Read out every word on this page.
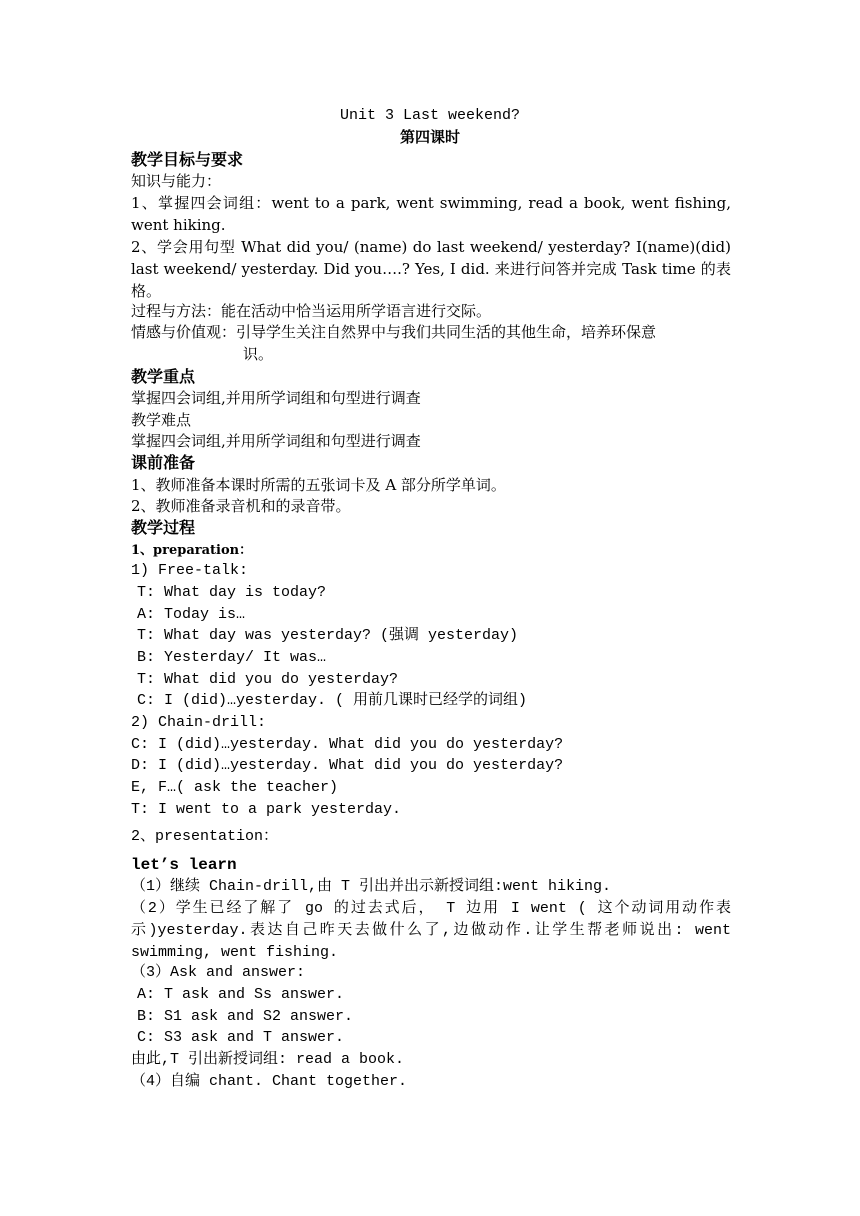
Unit 3 Last weekend?
第四课时
教学目标与要求
知识与能力：
1、掌握四会词组：went to a park, went swimming, read a book, went fishing, went hiking.
2、学会用句型 What did you/ (name) do last weekend/ yesterday? I(name)(did) last weekend/ yesterday. Did you….? Yes, I did. 来进行问答并完成 Task time 的表格。
过程与方法：能在活动中恰当运用所学语言进行交际。
情感与价值观：引导学生关注自然界中与我们共同生活的其他生命，培养环保意
识。
教学重点
掌握四会词组,并用所学词组和句型进行调查
教学难点
掌握四会词组,并用所学词组和句型进行调查
课前准备
1、教师准备本课时所需的五张词卡及 A 部分所学单词。
2、教师准备录音机和的录音带。
教学过程
1、preparation：
1) Free-talk:
T: What day is today?
A: Today is…
T: What day was yesterday? (强调 yesterday)
B: Yesterday/ It was…
T: What did you do yesterday?
C: I (did)…yesterday. ( 用前几课时已经学的词组)
2) Chain-drill:
C: I (did)…yesterday. What did you do yesterday?
D: I (did)…yesterday. What did you do yesterday?
E, F…( ask the teacher)
T: I went to a park yesterday.
2、presentation：
let’s learn
（1）继续 Chain-drill,由 T 引出并出示新授词组:went hiking.
（2）学生已经了解了 go 的过去式后， T 边用 I went ( 这个动词用动作表示)yesterday.表达自己昨天去做什么了,边做动作.让学生帮老师说出: went swimming, went fishing.
（3）Ask and answer:
A: T ask and Ss answer.
B: S1 ask and S2 answer.
C: S3 ask and T answer.
由此,T 引出新授词组: read a book.
（4）自编 chant. Chant together.
